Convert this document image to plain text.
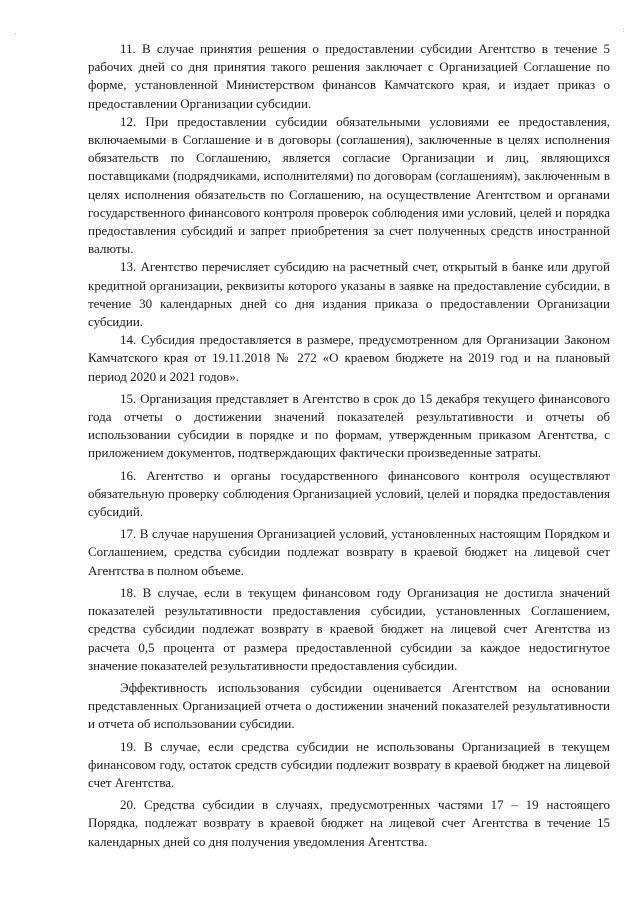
-	:

11. В случае принятия решения о предоставлении субсидии Агентство в течение 5 рабочих дней со дня принятия такого решения заключает с Организацией Соглашение по форме, установленной Министерством финансов Камчатского края, и издает приказ о предоставлении Организации субсидии.

12. При предоставлении субсидии обязательными условиями ее предоставления, включаемыми в Соглашение и в договоры (соглашения), заключенные в целях исполнения обязательств по Соглашению, является согласие Организации и лиц, являющихся поставщиками (подрядчиками, исполнителями) по договорам (соглашениям), заключенным в целях исполнения обязательств по Соглашению, на осуществление Агентством и органами государственного финансового контроля проверок соблюдения ими условий, целей и порядка предоставления субсидий и запрет приобретения за счет полученных средств иностранной валюты.

13. Агентство перечисляет субсидию на расчетный счет, открытый в банке или другой кредитной организации, реквизиты которого указаны в заявке на предоставление субсидии, в течение 30 календарных дней со дня издания приказа о предоставлении Организации субсидии.

14. Субсидия предоставляется в размере, предусмотренном для Организации Законом Камчатского края от 19.11.2018 № 272 «О краевом бюджете на 2019 год и на плановый период 2020 и 2021 годов».

15. Организация представляет в Агентство в срок до 15 декабря текущего финансового года отчеты о достижении значений показателей результативности и отчеты об использовании субсидии в порядке и по формам, утвержденным приказом Агентства, с приложением документов, подтверждающих фактически произведенные затраты.

16. Агентство и органы государственного финансового контроля осуществляют обязательную проверку соблюдения Организацией условий, целей и порядка предоставления субсидий.

17. В случае нарушения Организацией условий, установленных настоящим Порядком и Соглашением, средства субсидии подлежат возврату в краевой бюджет на лицевой счет Агентства в полном объеме.

18. В случае, если в текущем финансовом году Организация не достигла значений показателей результативности предоставления субсидии, установленных Соглашением, средства субсидии подлежат возврату в краевой бюджет на лицевой счет Агентства из расчета 0,5 процента от размера предоставленной субсидии за каждое недостигнутое значение показателей результативности предоставления субсидии.

Эффективность использования субсидии оценивается Агентством на основании представленных Организацией отчета о достижении значений показателей результативности и отчета об использовании субсидии.

19. В случае, если средства субсидии не использованы Организацией в текущем финансовом году, остаток средств субсидии подлежит возврату в краевой бюджет на лицевой счет Агентства.

20. Средства субсидии в случаях, предусмотренных частями 17 – 19 настоящего Порядка, подлежат возврату в краевой бюджет на лицевой счет Агентства в течение 15 календарных дней со дня получения уведомления Агентства.
